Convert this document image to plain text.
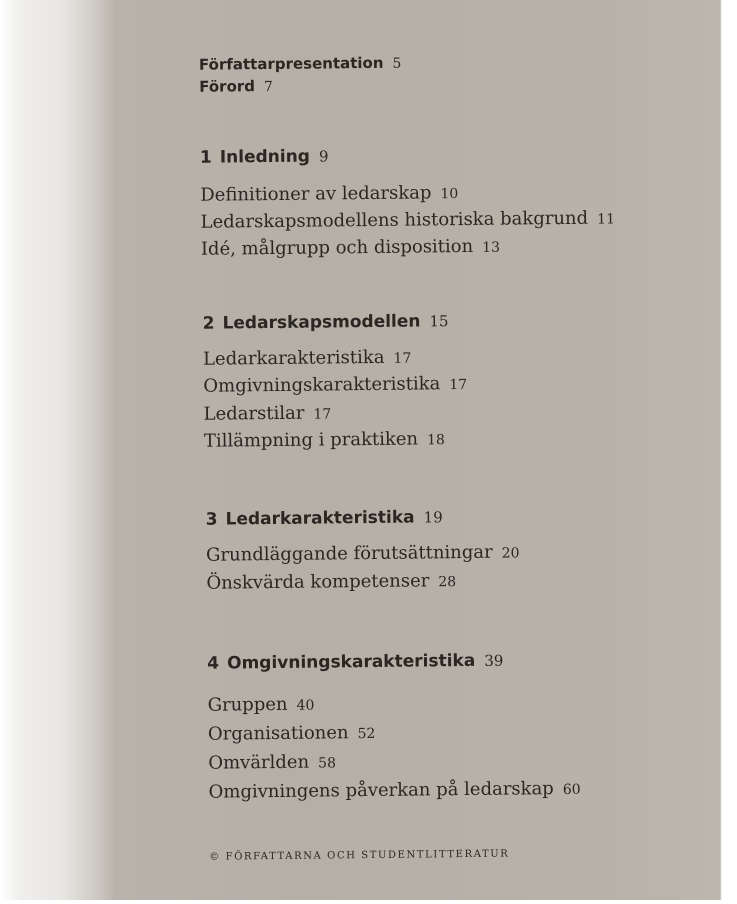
Författarpresentation 5
Förord 7
1 Inledning 9
Definitioner av ledarskap 10
Ledarskapsmodellens historiska bakgrund 11
Idé, målgrupp och disposition 13
2 Ledarskapsmodellen 15
Ledarkarakteristika 17
Omgivningskarakteristika 17
Ledarstilar 17
Tillämpning i praktiken 18
3 Ledarkarakteristika 19
Grundläggande förutsättningar 20
Önskvärda kompetenser 28
4 Omgivningskarakteristika 39
Gruppen 40
Organisationen 52
Omvärlden 58
Omgivningens påverkan på ledarskap 60
© FÖRFATTARNA OCH STUDENTLITTERATUR
